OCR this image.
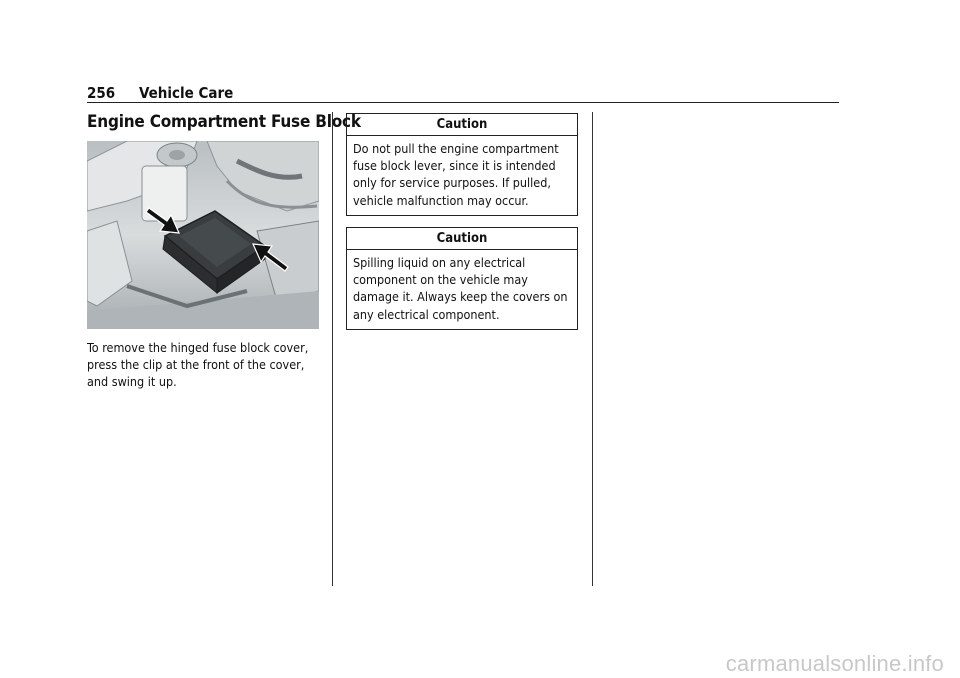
256 Vehicle Care
Engine Compartment Fuse Block
To remove the hinged fuse block cover, press the clip at the front of the cover, and swing it up.
Caution
Do not pull the engine compartment fuse block lever, since it is intended only for service purposes. If pulled, vehicle malfunction may occur.
Caution
Spilling liquid on any electrical component on the vehicle may damage it. Always keep the covers on any electrical component.
carmanualsonline.info
